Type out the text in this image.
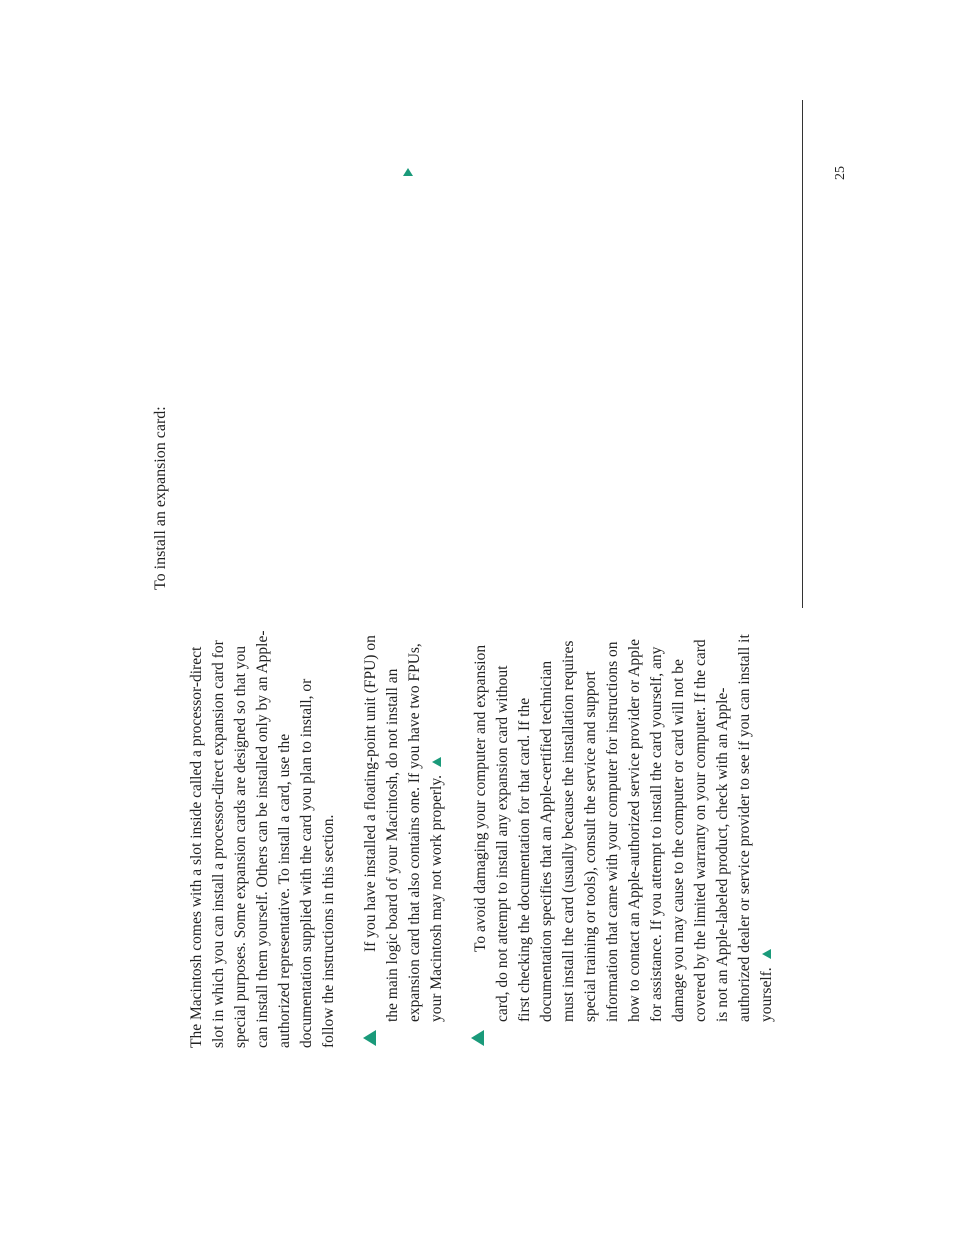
25
To install an expansion card:
The Macintosh comes with a slot inside called a processor-direct slot in which you can install a processor-direct expansion card for special purposes. Some expansion cards are designed so that you can install them yourself. Others can be installed only by an Apple- authorized representative. To install a card, use the documentation supplied with the card you plan to install, or follow the instructions in this section. If you have installed a floating-point unit (FPU) on the main logic board of your Macintosh, do not install an expansion card that also contains one. If you have two FPUs, your Macintosh may not work properly. To avoid damaging your computer and expansion card, do not attempt to install any expansion card without first checking the documentation for that card. If the documentation specifies that an Apple-certified technician must install the card (usually because the installation requires special training or tools), consult the service and support information that came with your computer for instructions on how to contact an Apple-authorized service provider or Apple for assistance. If you attempt to install the card yourself, any damage you may cause to the computer or card will not be covered by the limited warranty on your computer. If the card is not an Apple-labeled product, check with an Apple- authorized dealer or service provider to see if you can install it yourself.
